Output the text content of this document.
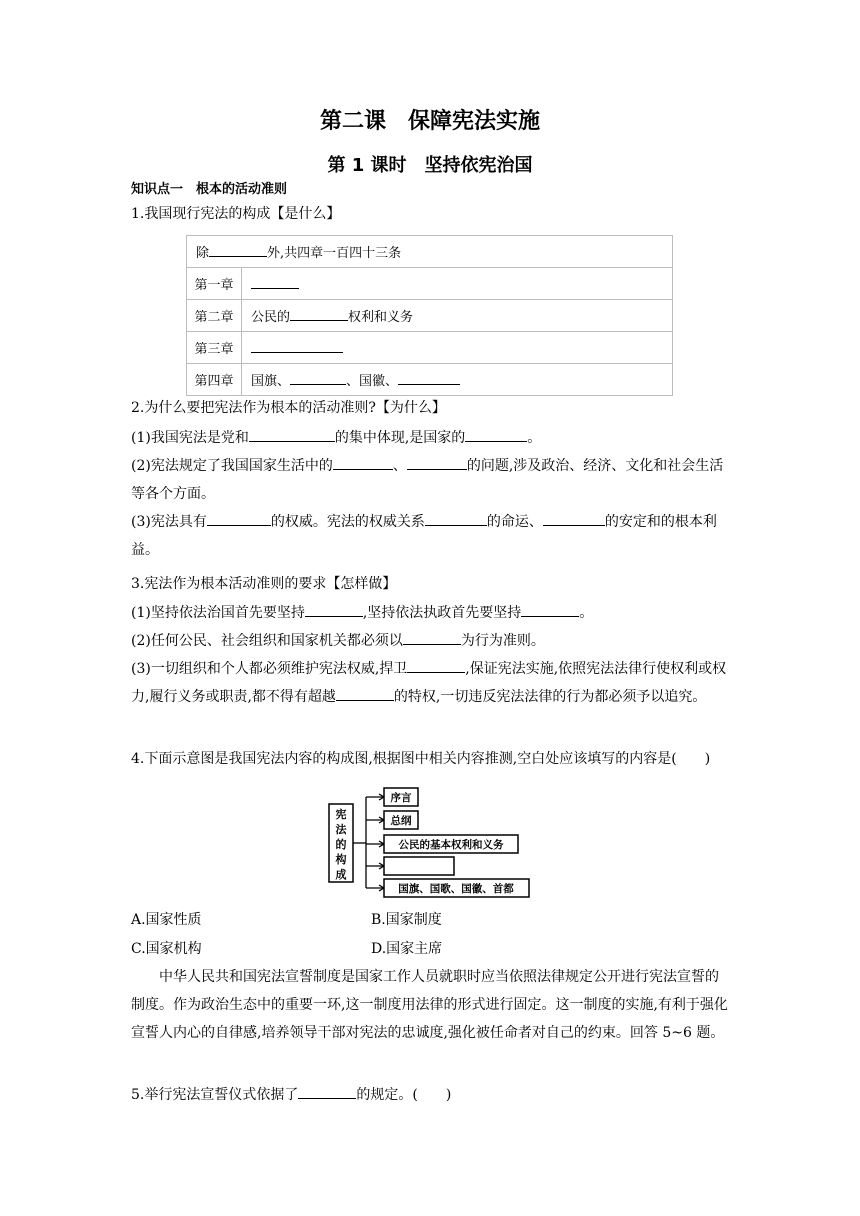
第二课　保障宪法实施
第 1 课时　坚持依宪治国
知识点一　根本的活动准则
1.我国现行宪法的构成【是什么】
除 外,共四章一百四十三条	
第一章	
第二章	公民的 权利和义务
第三章	
第四章	国旗、 、国徽、
2.为什么要把宪法作为根本的活动准则?【为什么】
(1)我国宪法是党和	的集中体现,是国家的	。
(2)宪法规定了我国国家生活中的	、	的问题,涉及政治、经济、文化和社会生活等各个方面。
(3)宪法具有	的权威。宪法的权威关系	的命运、	的安定和的根本利益。
3.宪法作为根本活动准则的要求【怎样做】
(1)坚持依法治国首先要坚持	,坚持依法执政首先要坚持	。
(2)任何公民、社会组织和国家机关都必须以	为行为准则。
(3)一切组织和个人都必须维护宪法权威,捍卫	,保证宪法实施,依照宪法法律行使权利或权力,履行义务或职责,都不得有超越	的特权,一切违反宪法法律的行为都必须予以追究。
4.下面示意图是我国宪法内容的构成图,根据图中相关内容推测,空白处应该填写的内容是(　　)
宪
法
的
构
成
序言
总纲
公民的基本权利和义务
国旗、国歌、国徽、首都
A.国家性质	B.国家制度
C.国家机构	D.国家主席
中华人民共和国宪法宣誓制度是国家工作人员就职时应当依照法律规定公开进行宪法宣誓的制度。作为政治生态中的重要一环,这一制度用法律的形式进行固定。这一制度的实施,有利于强化宣誓人内心的自律感,培养领导干部对宪法的忠诚度,强化被任命者对自己的约束。回答 5~6 题。
5.举行宪法宣誓仪式依据了	的规定。(　　)
